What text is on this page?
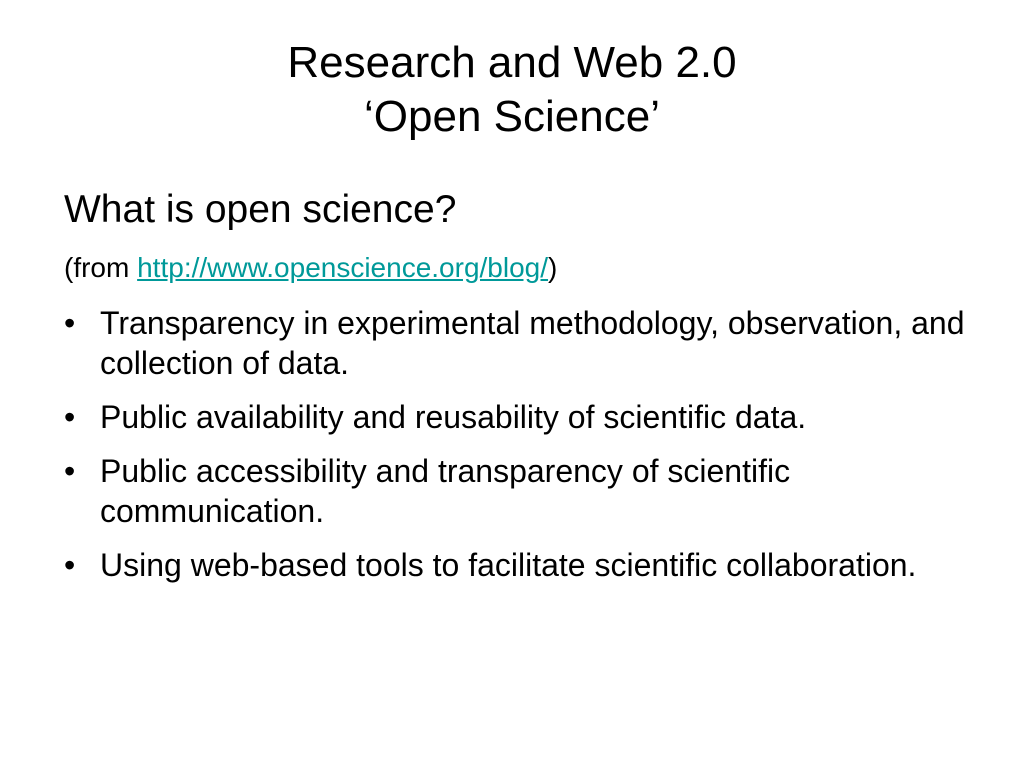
Research and Web 2.0
‘Open Science’
What is open science?
(from http://www.openscience.org/blog/)
• Transparency in experimental methodology, observation, and collection of data.
• Public availability and reusability of scientific data.
• Public accessibility and transparency of scientific communication.
• Using web-based tools to facilitate scientific collaboration.
